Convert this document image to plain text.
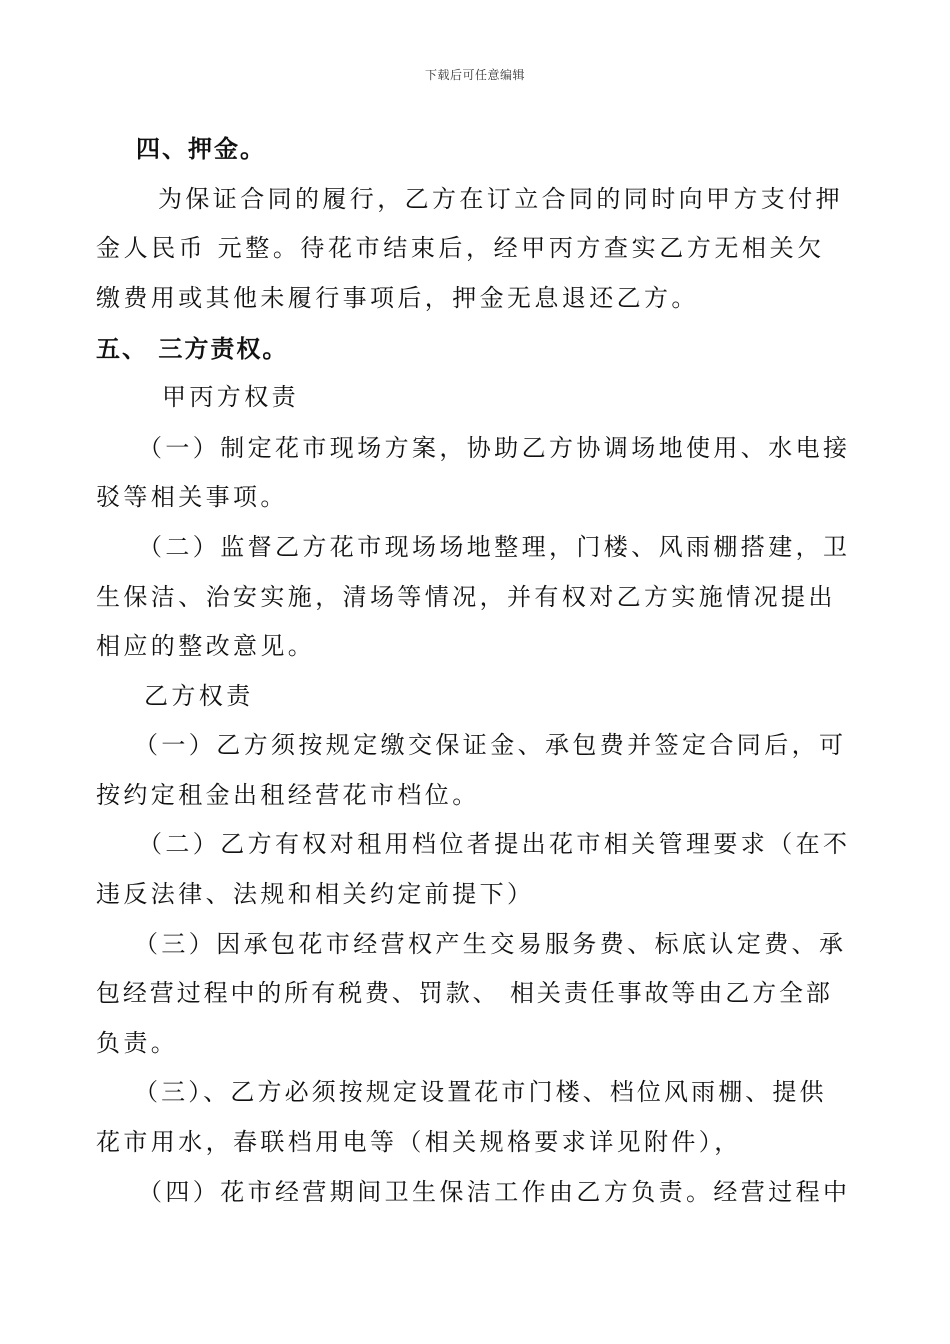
下载后可任意编辑
四、押金。
为保证合同的履行，乙方在订立合同的同时向甲方支付押
金人民币 元整。待花市结束后，经甲丙方查实乙方无相关欠
缴费用或其他未履行事项后，押金无息退还乙方。
五、 三方责权。
甲丙方权责
（一）制定花市现场方案，协助乙方协调场地使用、水电接
驳等相关事项。
（二）监督乙方花市现场场地整理，门楼、风雨棚搭建，卫
生保洁、治安实施，清场等情况，并有权对乙方实施情况提出
相应的整改意见。
乙方权责
（一）乙方须按规定缴交保证金、承包费并签定合同后，可
按约定租金出租经营花市档位。
（二）乙方有权对租用档位者提出花市相关管理要求（在不
违反法律、法规和相关约定前提下）
（三）因承包花市经营权产生交易服务费、标底认定费、承
包经营过程中的所有税费、罚款、 相关责任事故等由乙方全部
负责。
（三）、乙方必须按规定设置花市门楼、档位风雨棚、提供
花市用水，春联档用电等（相关规格要求详见附件），
（四）花市经营期间卫生保洁工作由乙方负责。经营过程中
